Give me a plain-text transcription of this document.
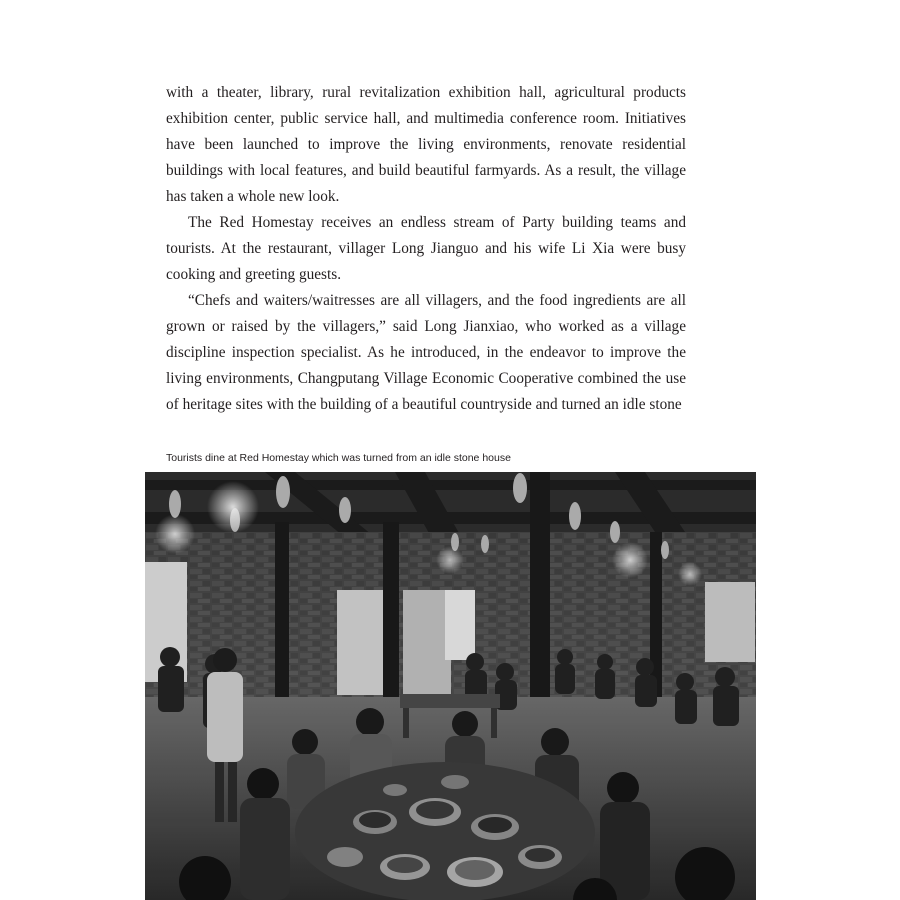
with a theater, library, rural revitalization exhibition hall, agricultural products exhibition center, public service hall, and multimedia conference room. Initiatives have been launched to improve the living environments, renovate residential buildings with local features, and build beautiful farmyards. As a result, the village has taken a whole new look.

The Red Homestay receives an endless stream of Party building teams and tourists. At the restaurant, villager Long Jianguo and his wife Li Xia were busy cooking and greeting guests.

“Chefs and waiters/waitresses are all villagers, and the food ingredients are all grown or raised by the villagers,” said Long Jianxiao, who worked as a village discipline inspection specialist. As he introduced, in the endeavor to improve the living environments, Changputang Village Economic Cooperative combined the use of heritage sites with the building of a beautiful countryside and turned an idle stone

Tourists dine at Red Homestay which was turned from an idle stone house
